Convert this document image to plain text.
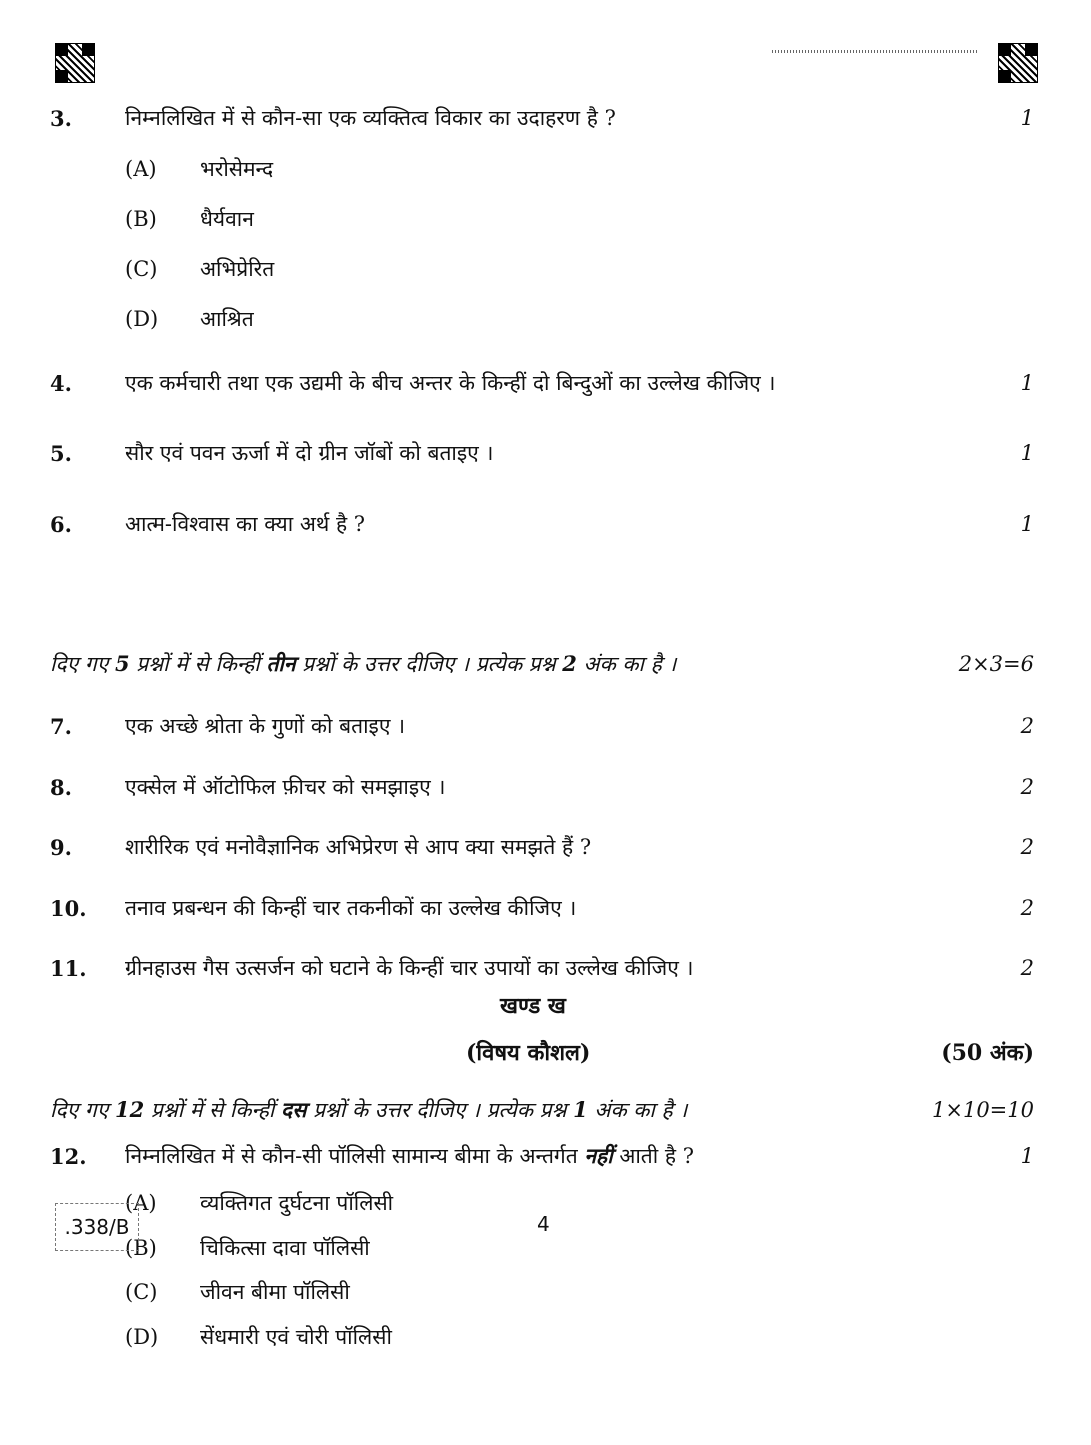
3.	निम्नलिखित में से कौन-सा एक व्यक्तित्व विकार का उदाहरण है ?	1
(A) भरोसेमन्द
(B) धैर्यवान
(C) अभिप्रेरित
(D) आश्रित
4.	एक कर्मचारी तथा एक उद्यमी के बीच अन्तर के किन्हीं दो बिन्दुओं का उल्लेख कीजिए ।	1
5.	सौर एवं पवन ऊर्जा में दो ग्रीन जॉबों को बताइए ।	1
6.	आत्म-विश्वास का क्या अर्थ है ?	1
दिए गए 5 प्रश्नों में से किन्हीं तीन प्रश्नों के उत्तर दीजिए । प्रत्येक प्रश्न 2 अंक का है ।	2×3=6
7.	एक अच्छे श्रोता के गुणों को बताइए ।	2
8.	एक्सेल में ऑटोफिल फ़ीचर को समझाइए ।	2
9.	शारीरिक एवं मनोवैज्ञानिक अभिप्रेरण से आप क्या समझते हैं ?	2
10. तनाव प्रबन्धन की किन्हीं चार तकनीकों का उल्लेख कीजिए ।	2
11. ग्रीनहाउस गैस उत्सर्जन को घटाने के किन्हीं चार उपायों का उल्लेख कीजिए ।	2
खण्ड ख
(विषय कौशल)	(50 अंक)
दिए गए 12 प्रश्नों में से किन्हीं दस प्रश्नों के उत्तर दीजिए । प्रत्येक प्रश्न 1 अंक का है ।	1×10=10
12. निम्नलिखित में से कौन-सी पॉलिसी सामान्य बीमा के अन्तर्गत नहीं आती है ?	1
(A) व्यक्तिगत दुर्घटना पॉलिसी
(B) चिकित्सा दावा पॉलिसी
(C) जीवन बीमा पॉलिसी
(D) सेंधमारी एवं चोरी पॉलिसी
.338/B	4
